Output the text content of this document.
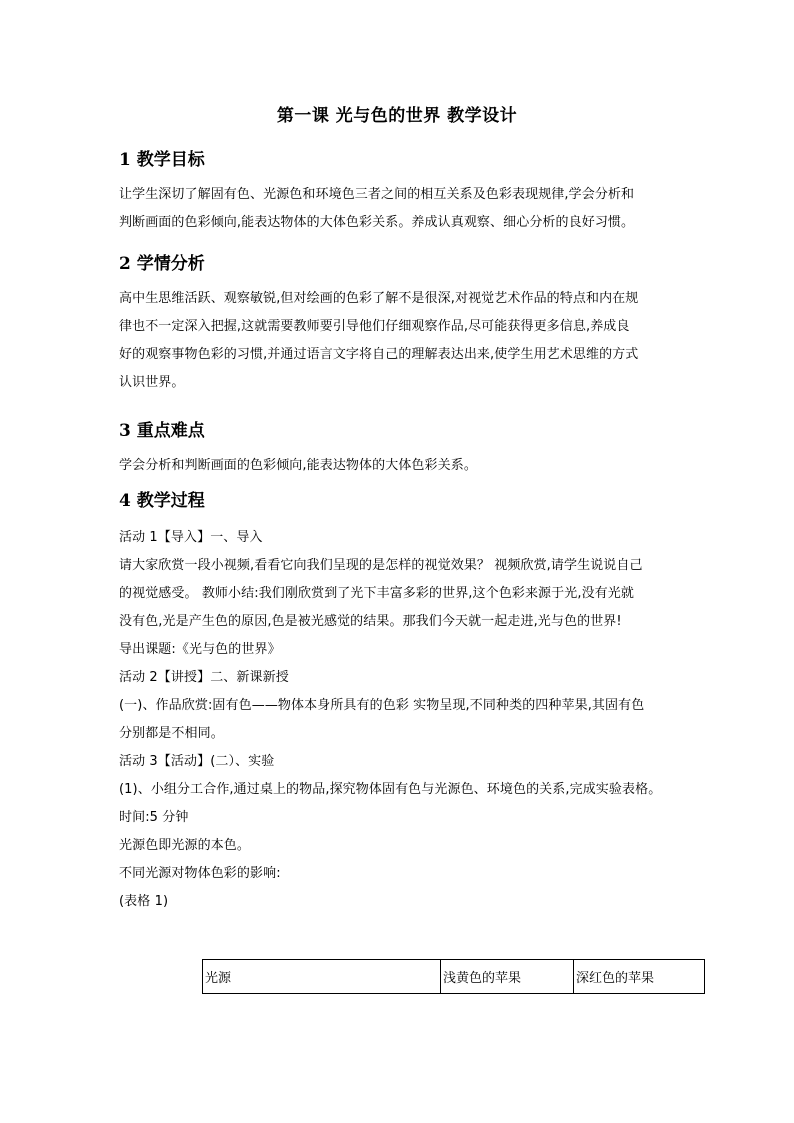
第一课 光与色的世界 教学设计
1 教学目标
让学生深切了解固有色、光源色和环境色三者之间的相互关系及色彩表现规律,学会分析和
判断画面的色彩倾向,能表达物体的大体色彩关系。养成认真观察、细心分析的良好习惯。
2 学情分析
高中生思维活跃、观察敏锐,但对绘画的色彩了解不是很深,对视觉艺术作品的特点和内在规
律也不一定深入把握,这就需要教师要引导他们仔细观察作品,尽可能获得更多信息,养成良
好的观察事物色彩的习惯,并通过语言文字将自己的理解表达出来,使学生用艺术思维的方式
认识世界。
3 重点难点
学会分析和判断画面的色彩倾向,能表达物体的大体色彩关系。
4 教学过程
活动 1【导入】一、导入
请大家欣赏一段小视频,看看它向我们呈现的是怎样的视觉效果？ 视频欣赏,请学生说说自己
的视觉感受。 教师小结:我们刚欣赏到了光下丰富多彩的世界,这个色彩来源于光,没有光就
没有色,光是产生色的原因,色是被光感觉的结果。那我们今天就一起走进,光与色的世界!
导出课题:《光与色的世界》
活动 2【讲授】二、新课新授
(一)、作品欣赏:固有色——物体本身所具有的色彩 实物呈现,不同种类的四种苹果,其固有色
分别都是不相同。
活动 3【活动】(二）、实验
(1)、小组分工合作,通过桌上的物品,探究物体固有色与光源色、环境色的关系,完成实验表格。
时间:5 分钟
光源色即光源的本色。
不同光源对物体色彩的影响:
(表格 1)
光源	浅黄色的苹果	深红色的苹果
